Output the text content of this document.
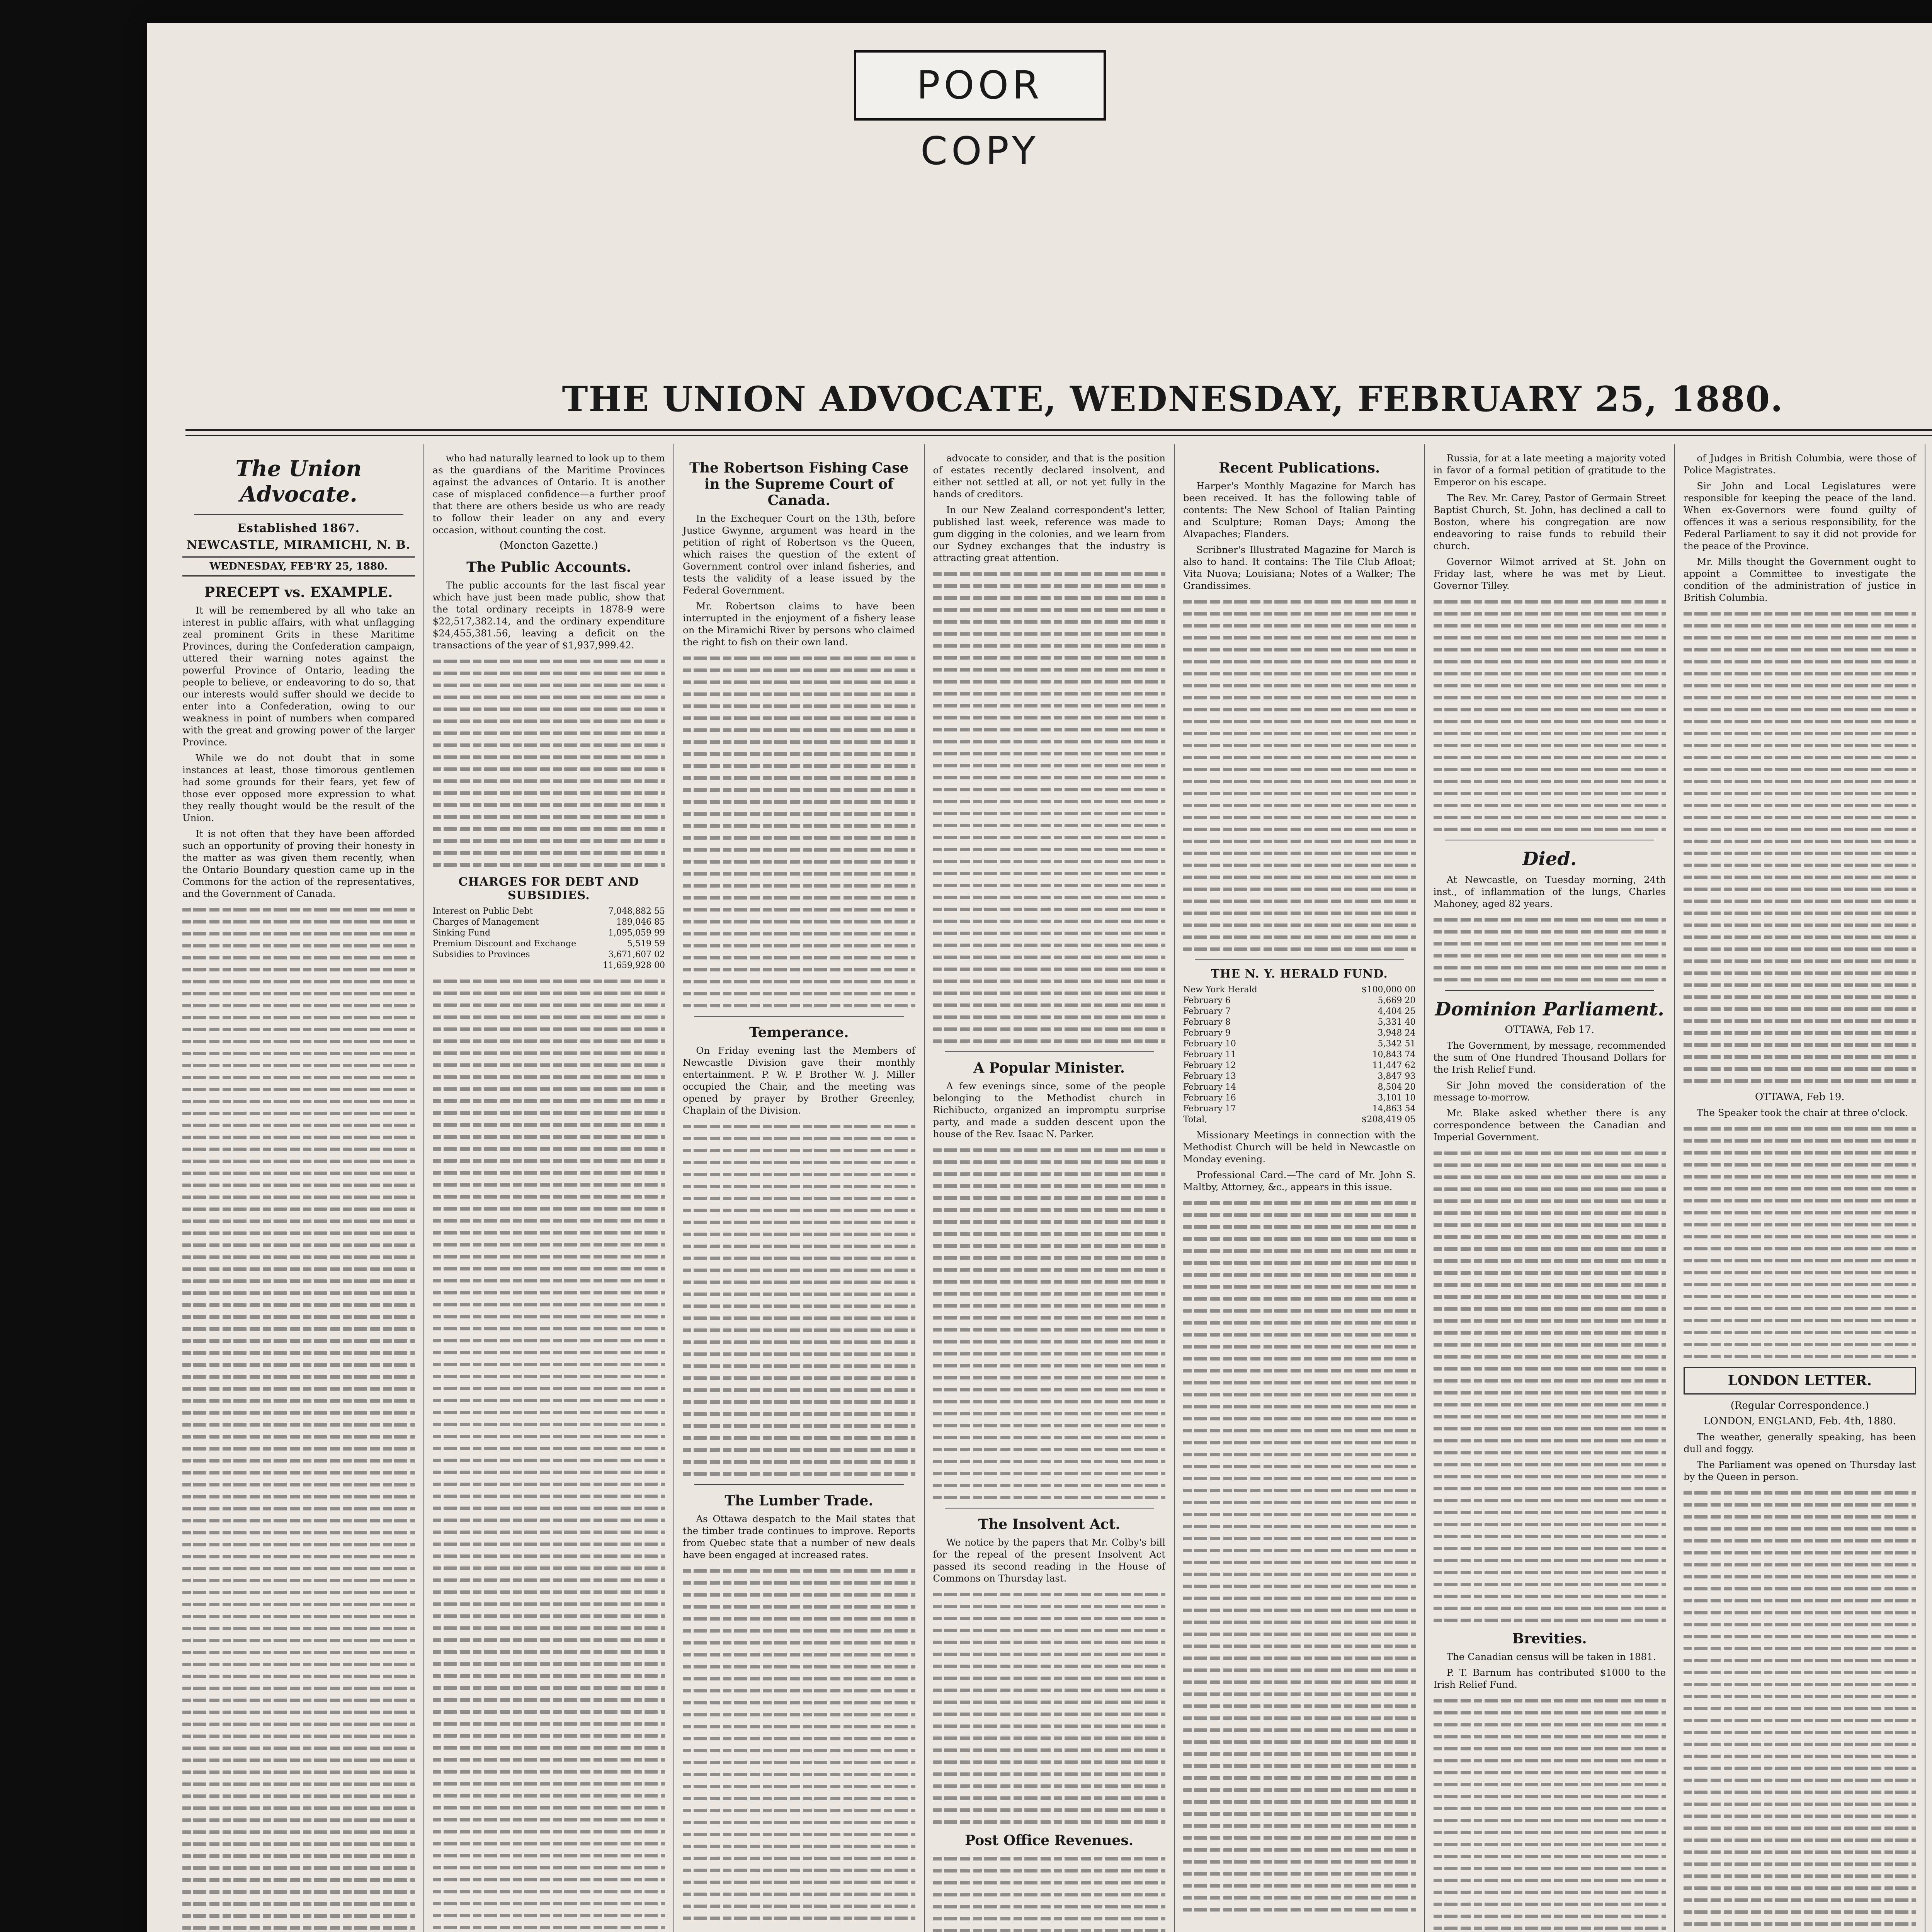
POOR COPY
THE UNION ADVOCATE, WEDNESDAY, FEBRUARY 25, 1880.
The Union Advocate.
Established 1867.
NEWCASTLE, MIRAMICHI, N. B.
WEDNESDAY, FEB'RY 25, 1880.
PRECEPT vs. EXAMPLE.

It will be remembered by all who take an interest in public affairs, with what unflagging zeal prominent Grits in these Maritime Provinces, during the Confederation campaign, uttered their warning notes against the powerful Province of Ontario, leading the people to believe, or endeavoring to do so, that our interests would suffer should we decide to enter into a Confederation, owing to our weakness in point of numbers when compared with the great and growing power of the larger Province.

While we do not doubt that in some instances at least, those timorous gentlemen had some grounds for their fears, yet few of those ever opposed more expression to what they really thought would be the result of the Union.

It is not often that they have been afforded such an opportunity of proving their honesty in the matter as was given them recently, when the Ontario Boundary question came up in the Commons for the action of the representatives, and the Government of Canada.

who had naturally learned to look up to them as the guardians of the Maritime Provinces against the advances of Ontario. It is another case of misplaced confidence—a further proof that there are others beside us who are ready to follow their leader on any and every occasion, without counting the cost.

(Moncton Gazette.)
The Public Accounts.

The public accounts for the last fiscal year which have just been made public, show that the total ordinary receipts in 1878-9 were $22,517,382.14, and the ordinary expenditure $24,455,381.56, leaving a deficit on the transactions of the year of $1,937,999.42.

CHARGES FOR DEBT AND SUBSIDIES.
Interest on Public Debt	7,048,882 55
Charges of Management	189,046 85
Sinking Fund	1,095,059 99
Premium Discount and Exchange	5,519 59
Subsidies to Provinces	3,671,607 02
11,659,928 00
The Robertson Fishing Case in the Supreme Court of Canada.

In the Exchequer Court on the 13th, before Justice Gwynne, argument was heard in the petition of right of Robertson vs the Queen, which raises the question of the extent of Government control over inland fisheries, and tests the validity of a lease issued by the Federal Government.

Mr. Robertson claims to have been interrupted in the enjoyment of a fishery lease on the Miramichi River by persons who claimed the right to fish on their own land.

Temperance.

On Friday evening last the Members of Newcastle Division gave their monthly entertainment. P. W. P. Brother W. J. Miller occupied the Chair, and the meeting was opened by prayer by Brother Greenley, Chaplain of the Division.

The Lumber Trade.

As Ottawa despatch to the Mail states that the timber trade continues to improve. Reports from Quebec state that a number of new deals have been engaged at increased rates.

advocate to consider, and that is the position of estates recently declared insolvent, and either not settled at all, or not yet fully in the hands of creditors.

In our New Zealand correspondent's letter, published last week, reference was made to gum digging in the colonies, and we learn from our Sydney exchanges that the industry is attracting great attention.

A Popular Minister.

A few evenings since, some of the people belonging to the Methodist church in Richibucto, organized an impromptu surprise party, and made a sudden descent upon the house of the Rev. Isaac N. Parker.

The Insolvent Act.

We notice by the papers that Mr. Colby's bill for the repeal of the present Insolvent Act passed its second reading in the House of Commons on Thursday last.

Post Office Revenues.
Recent Publications.

Harper's Monthly Magazine for March has been received. It has the following table of contents: The New School of Italian Painting and Sculpture; Roman Days; Among the Alvapaches; Flanders.

Scribner's Illustrated Magazine for March is also to hand. It contains: The Tile Club Afloat; Vita Nuova; Louisiana; Notes of a Walker; The Grandissimes.

THE N. Y. HERALD FUND.
New York Herald	$100,000 00
February 6	5,669 20
February 7	4,404 25
February 8	5,331 40
February 9	3,948 24
February 10	5,342 51
February 11	10,843 74
February 12	11,447 62
February 13	3,847 93
February 14	8,504 20
February 16	3,101 10
February 17	14,863 54
Total,	$208,419 05

Missionary Meetings in connection with the Methodist Church will be held in Newcastle on Monday evening.

Professional Card.—The card of Mr. John S. Maltby, Attorney, &c., appears in this issue.

Russia, for at a late meeting a majority voted in favor of a formal petition of gratitude to the Emperor on his escape.

The Rev. Mr. Carey, Pastor of Germain Street Baptist Church, St. John, has declined a call to Boston, where his congregation are now endeavoring to raise funds to rebuild their church.

Governor Wilmot arrived at St. John on Friday last, where he was met by Lieut. Governor Tilley.

Died.

At Newcastle, on Tuesday morning, 24th inst., of inflammation of the lungs, Charles Mahoney, aged 82 years.

Dominion Parliament.
OTTAWA, Feb 17.

The Government, by message, recommended the sum of One Hundred Thousand Dollars for the Irish Relief Fund.

Sir John moved the consideration of the message to-morrow.

Mr. Blake asked whether there is any correspondence between the Canadian and Imperial Government.

Brevities.

The Canadian census will be taken in 1881.

P. T. Barnum has contributed $1000 to the Irish Relief Fund.

of Judges in British Columbia, were those of Police Magistrates.

Sir John and Local Legislatures were responsible for keeping the peace of the land. When ex-Governors were found guilty of offences it was a serious responsibility, for the Federal Parliament to say it did not provide for the peace of the Province.

Mr. Mills thought the Government ought to appoint a Committee to investigate the condition of the administration of justice in British Columbia.

OTTAWA, Feb 19.

The Speaker took the chair at three o'clock.

LONDON LETTER.
(Regular Correspondence.)
LONDON, ENGLAND, Feb. 4th, 1880.

The weather, generally speaking, has been dull and foggy.

The Parliament was opened on Thursday last by the Queen in person.
